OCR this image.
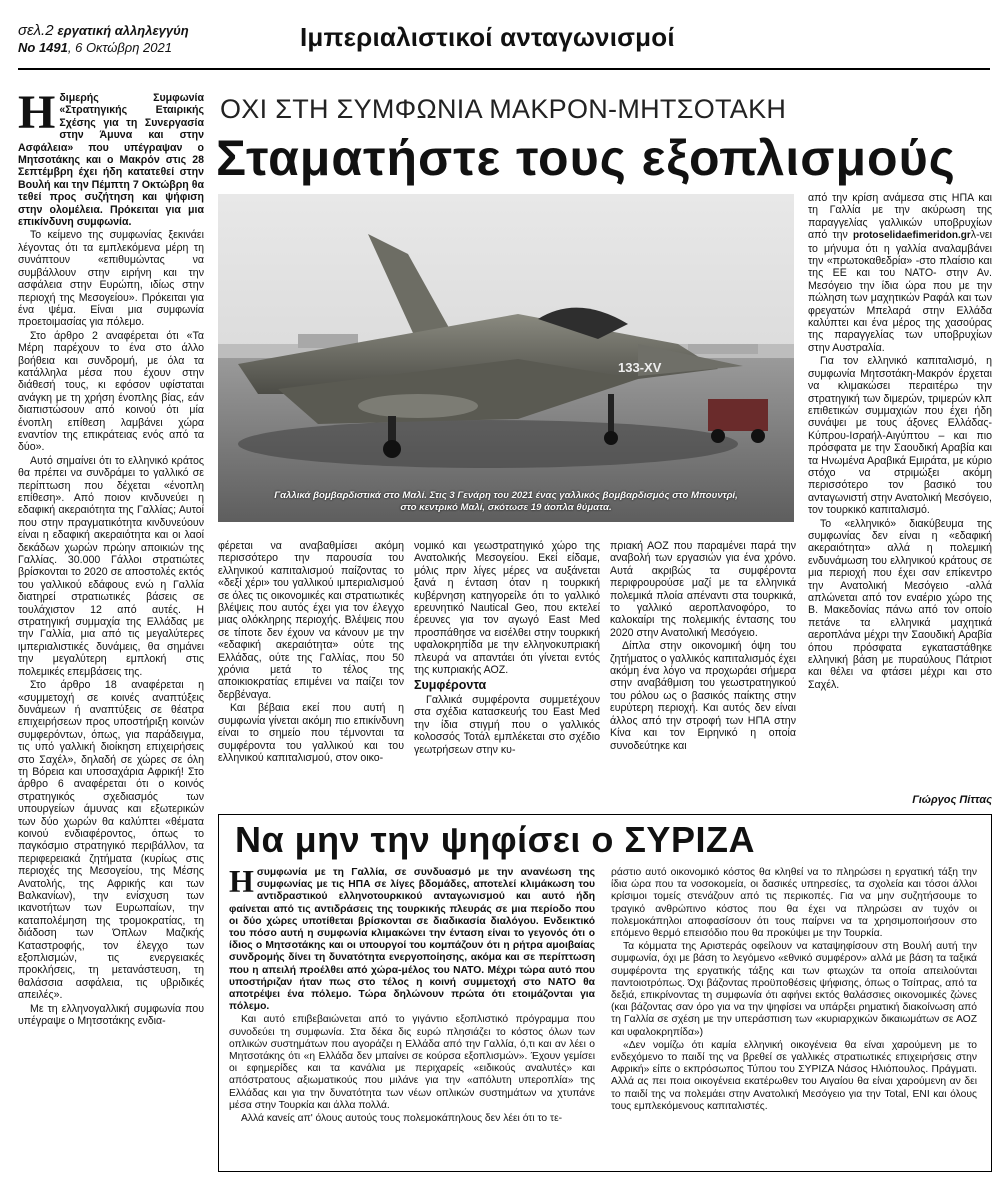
σελ.2 εργατική αλληλεγγύη
Νο 1491, 6 Οκτώβρη 2021	Ιμπεριαλιστικοί ανταγωνισμοί

Ηδιμερής Συμφωνία «Στρατηγικής Εταιρικής Σχέσης για τη Συνεργασία στην Άμυνα και στην Ασφάλεια» που υπέγραψαν ο Μητσοτάκης και ο Μακρόν στις 28 Σεπτέμβρη έχει ήδη κατατεθεί στην Βουλή και την Πέμπτη 7 Οκτώβρη θα τεθεί προς συζήτηση και ψήφιση στην ολομέλεια. Πρόκειται για μια επικίνδυνη συμφωνία.

Το κείμενο της συμφωνίας ξεκινάει λέγοντας ότι τα εμπλεκόμενα μέρη τη συνάπτουν «επιθυμώντας να συμβάλλουν στην ειρήνη και την ασφάλεια στην Ευρώπη, ιδίως στην περιοχή της Μεσογείου». Πρόκειται για ένα ψέμα. Είναι μια συμφωνία προετοιμασίας για πόλεμο.

Στο άρθρο 2 αναφέρεται ότι «Τα Μέρη παρέχουν το ένα στο άλλο βοήθεια και συνδρομή, με όλα τα κατάλληλα μέσα που έχουν στην διάθεσή τους, κι εφόσον υφίσταται ανάγκη με τη χρήση ένοπλης βίας, εάν διαπιστώσουν από κοινού ότι μία ένοπλη επίθεση λαμβάνει χώρα εναντίον της επικράτειας ενός από τα δύο».

Αυτό σημαίνει ότι το ελληνικό κράτος θα πρέπει να συνδράμει το γαλλικό σε περίπτωση που δέχεται «ένοπλη επίθεση». Από ποιον κινδυνεύει η εδαφική ακεραιότητα της Γαλλίας; Αυτοί που στην πραγματικότητα κινδυνεύουν είναι η εδαφική ακεραιότητα και οι λαοί δεκάδων χωρών πρώην αποικιών της Γαλλίας. 30.000 Γάλλοι στρατιώτες βρίσκονται το 2020 σε αποστολές εκτός του γαλλικού εδάφους ενώ η Γαλλία διατηρεί στρατιωτικές βάσεις σε τουλάχιστον 12 από αυτές. Η στρατηγική συμμαχία της Ελλάδας με την Γαλλία, μια από τις μεγαλύτερες ιμπεριαλιστικές δυνάμεις, θα σημάνει την μεγαλύτερη εμπλοκή στις πολεμικές επεμβάσεις της.

Στο άρθρο 18 αναφέρεται η «συμμετοχή σε κοινές αναπτύξεις δυνάμεων ή αναπτύξεις σε θέατρα επιχειρήσεων προς υποστήριξη κοινών συμφερόντων, όπως, για παράδειγμα, τις υπό γαλλική διοίκηση επιχειρήσεις στο Σαχέλ», δηλαδή σε χώρες σε όλη τη Βόρεια και υποσαχάρια Αφρική! Στο άρθρο 6 αναφέρεται ότι ο κοινός στρατηγικός σχεδιασμός των υπουργείων άμυνας και εξωτερικών των δύο χωρών θα καλύπτει «θέματα κοινού ενδιαφέροντος, όπως το παγκόσμιο στρατηγικό περιβάλλον, τα περιφερειακά ζητήματα (κυρίως στις περιοχές της Μεσογείου, της Μέσης Ανατολής, της Αφρικής και των Βαλκανίων), την ενίσχυση των ικανοτήτων των Ευρωπαίων, την καταπολέμηση της τρομοκρατίας, τη διάδοση των Όπλων Μαζικής Καταστροφής, τον έλεγχο των εξοπλισμών, τις ενεργειακές προκλήσεις, τη μετανάστευση, τη θαλάσσια ασφάλεια, τις υβριδικές απειλές».

Με τη ελληνογαλλική συμφωνία που υπέγραψε ο Μητσοτάκης ενδια-

ΟΧΙ ΣΤΗ ΣΥΜΦΩΝΙΑ ΜΑΚΡΟΝ-ΜΗΤΣΟΤΑΚΗ
Σταματήστε τους εξοπλισμούς
133-XV
Γαλλικά βομβαρδιστικά στο Μαλί. Στις 3 Γενάρη του 2021 ένας γαλλικός βομβαρδισμός στο Μπουντρί,
στο κεντρικό Μαλί, σκότωσε 19 άοπλα θύματα.

από την κρίση ανάμεσα στις ΗΠΑ και τη Γαλλία με την ακύρωση της παραγγελίας γαλλικών υποβρυχίων από την protoselidaefimeridon.grλ-νει το μήνυμα ότι η γαλλία αναλαμβάνει την «πρωτοκαθεδρία» -στο πλαίσιο και της ΕΕ και του ΝΑΤΟ- στην Αν. Μεσόγειο την ίδια ώρα που με την πώληση των μαχητικών Ραφάλ και των φρεγατών Μπελαρά στην Ελλάδα καλύπτει και ένα μέρος της χασούρας της παραγγελίας των υποβρυχίων στην Αυστραλία.

Για τον ελληνικό καπιταλισμό, η συμφωνία Μητσοτάκη-Μακρόν έρχεται να κλιμακώσει περαιτέρω την στρατηγική των διμερών, τριμερών κλπ επιθετικών συμμαχιών που έχει ήδη συνάψει με τους άξονες Ελλάδας-Κύπρου-Ισραήλ-Αιγύπτου – και πιο πρόσφατα με την Σαουδική Αραβία και τα Ηνωμένα Αραβικά Εμιράτα, με κύριο στόχο να στριμώξει ακόμη περισσότερο τον βασικό του ανταγωνιστή στην Ανατολική Μεσόγειο, τον τουρκικό καπιταλισμό.

Το «ελληνικό» διακύβευμα της συμφωνίας δεν είναι η «εδαφική ακεραιότητα» αλλά η πολεμική ενδυνάμωση του ελληνικού κράτους σε μια περιοχή που έχει σαν επίκεντρο την Ανατολική Μεσόγειο -αλλά απλώνεται από τον εναέριο χώρο της Β. Μακεδονίας πάνω από τον οποίο πετάνε τα ελληνικά μαχητικά αεροπλάνα μέχρι την Σαουδική Αραβία όπου πρόσφατα εγκαταστάθηκε ελληνική βάση με πυραύλους Πάτριοτ και θέλει να φτάσει μέχρι και στο Σαχέλ.

φέρεται να αναβαθμίσει ακόμη περισσότερο την παρουσία του ελληνικού καπιταλισμού παίζοντας το «δεξί χέρι» του γαλλικού ιμπεριαλισμού σε όλες τις οικονομικές και στρατιωτικές βλέψεις που αυτός έχει για τον έλεγχο μιας ολόκληρης περιοχής. Βλέψεις που σε τίποτε δεν έχουν να κάνουν με την «εδαφική ακεραιότητα» ούτε της Ελλάδας, ούτε της Γαλλίας, που 50 χρόνια μετά το τέλος της αποικιοκρατίας επιμένει να παίζει τον δερβέναγα.

Και βέβαια εκεί που αυτή η συμφωνία γίνεται ακόμη πιο επικίνδυνη είναι το σημείο που τέμνονται τα συμφέροντα του γαλλικού και του ελληνικού καπιταλισμού, στον οικο-

νομικό και γεωστρατηγικό χώρο της Ανατολικής Μεσογείου. Εκεί είδαμε, μόλις πριν λίγες μέρες να αυξάνεται ξανά η ένταση όταν η τουρκική κυβέρνηση κατηγορείλε ότι το γαλλικό ερευνητικό Nautical Geo, που εκτελεί έρευνες για τον αγωγό East Med προσπάθησε να εισέλθει στην τουρκική υφαλοκρηπίδα με την ελληνοκυπριακή πλευρά να απαντάει ότι γίνεται εντός της κυπριακής ΑΟΖ.

Συμφέροντα

Γαλλικά συμφέροντα συμμετέχουν στα σχέδια κατασκευής του East Med την ίδια στιγμή που ο γαλλικός κολοσσός Τοτάλ εμπλέκεται στο σχέδιο γεωτρήσεων στην κυ-

πριακή ΑΟΖ που παραμένει παρά την αναβολή των εργασιών για ένα χρόνο. Αυτά ακριβώς τα συμφέροντα περιφρουρούσε μαζί με τα ελληνικά πολεμικά πλοία απέναντι στα τουρκικά, το γαλλικό αεροπλανοφόρο, το καλοκαίρι της πολεμικής έντασης του 2020 στην Ανατολική Μεσόγειο.

Δίπλα στην οικονομική όψη του ζητήματος ο γαλλικός καπιταλισμός έχει ακόμη ένα λόγο να προχωράει σήμερα στην αναβάθμιση του γεωστρατηγικού του ρόλου ως ο βασικός παίκτης στην ευρύτερη περιοχή. Και αυτός δεν είναι άλλος από την στροφή των ΗΠΑ στην Κίνα και τον Ειρηνικό η οποία συνοδεύτηκε και

Γιώργος Πίττας
Να μην την ψηφίσει ο ΣΥΡΙΖΑ

Ησυμφωνία με τη Γαλλία, σε συνδυασμό με την ανανέωση της συμφωνίας με τις ΗΠΑ σε λίγες βδομάδες, αποτελεί κλιμάκωση του αντιδραστικού ελληνοτουρκικού ανταγωνισμού και αυτό ήδη φαίνεται από τις αντιδράσεις της τουρκικής πλευράς σε μια περίοδο που οι δύο χώρες υποτίθεται βρίσκονται σε διαδικασία διαλόγου. Ενδεικτικό του πόσο αυτή η συμφωνία κλιμακώνει την ένταση είναι το γεγονός ότι ο ίδιος ο Μητσοτάκης και οι υπουργοί του κομπάζουν ότι η ρήτρα αμοιβαίας συνδρομής δίνει τη δυνατότητα ενεργοποίησης, ακόμα και σε περίπτωση που η απειλή προέλθει από χώρα-μέλος του ΝΑΤΟ. Μέχρι τώρα αυτό που υποστήριζαν ήταν πως στο τέλος η κοινή συμμετοχή στο ΝΑΤΟ θα αποτρέψει ένα πόλεμο. Τώρα δηλώνουν πρώτα ότι ετοιμάζονται για πόλεμο.

Και αυτό επιβεβαιώνεται από το γιγάντιο εξοπλιστικό πρόγραμμα που συνοδεύει τη συμφωνία. Στα δέκα δις ευρώ πλησιάζει το κόστος όλων των οπλικών συστημάτων που αγοράζει η Ελλάδα από την Γαλλία, ό,τι και αν λέει ο Μητσοτάκης ότι «η Ελλάδα δεν μπαίνει σε κούρσα εξοπλισμών». Έχουν γεμίσει οι εφημερίδες και τα κανάλια με περιχαρείς «ειδικούς αναλυτές» και απόστρατους αξιωματικούς που μιλάνε για την «απόλυτη υπεροπλία» της Ελλάδας και για την δυνατότητα των νέων οπλικών συστημάτων να χτυπάνε μέσα στην Τουρκία και άλλα πολλά.

Αλλά κανείς απ' όλους αυτούς τους πολεμοκάπηλους δεν λέει ότι το τε-

ράστιο αυτό οικονομικό κόστος θα κληθεί να το πληρώσει η εργατική τάξη την ίδια ώρα που τα νοσοκομεία, οι δασικές υπηρεσίες, τα σχολεία και τόσοι άλλοι κρίσιμοι τομείς στενάζουν από τις περικοπές. Για να μην συζητήσουμε το τραγικό ανθρώπινο κόστος που θα έχει να πληρώσει αν τυχόν οι πολεμοκάπηλοι αποφασίσουν ότι τους παίρνει να τα χρησιμοποιήσουν στο επόμενο θερμό επεισόδιο που θα προκύψει με την Τουρκία.

Τα κόμματα της Αριστεράς οφείλουν να καταψηφίσουν στη Βουλή αυτή την συμφωνία, όχι με βάση το λεγόμενο «εθνικό συμφέρον» αλλά με βάση τα ταξικά συμφέροντα της εργατικής τάξης και των φτωχών τα οποία απειλούνται παντοιοτρόπως. Όχι βάζοντας προϋποθέσεις ψήφισης, όπως ο Τσίπρας, από τα δεξιά, επικρίνοντας τη συμφωνία ότι αφήνει εκτός θαλάσσιες οικονομικές ζώνες (και βάζοντας σαν όρο για να την ψηφίσει να υπάρξει ρηματική διακοίνωση από τη Γαλλία σε σχέση με την υπεράσπιση των «κυριαρχικών δικαιωμάτων σε ΑΟΖ και υφαλοκρηπίδα»)

«Δεν νομίζω ότι καμία ελληνική οικογένεια θα είναι χαρούμενη με το ενδεχόμενο το παιδί της να βρεθεί σε γαλλικές στρατιωτικές επιχειρήσεις στην Αφρική» είπε ο εκπρόσωπος Τύπου του ΣΥΡΙΖΑ Νάσος Ηλιόπουλος. Πράγματι. Αλλά ας πει ποια οικογένεια εκατέρωθεν του Αιγαίου θα είναι χαρούμενη αν δει το παιδί της να πολεμάει στην Ανατολική Μεσόγειο για την Total, ENI και όλους τους εμπλεκόμενους καπιταλιστές.
